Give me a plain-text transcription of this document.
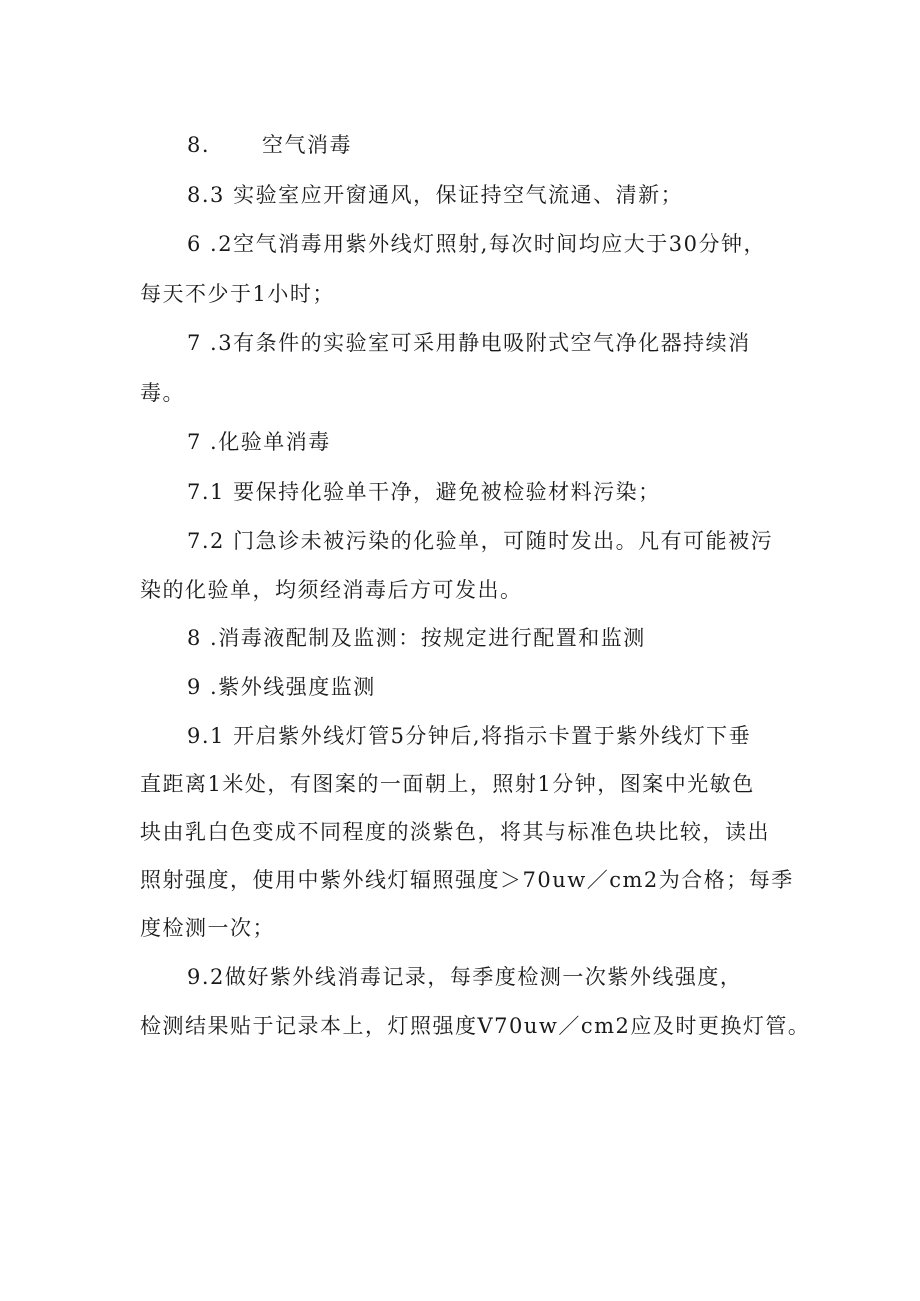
8. 空气消毒
8.3 实验室应开窗通风，保证持空气流通、清新；
6 .2空气消毒用紫外线灯照射,每次时间均应大于30分钟，
每天不少于1小时；
7 .3有条件的实验室可采用静电吸附式空气净化器持续消
毒。
7 .化验单消毒
7.1 要保持化验单干净，避免被检验材料污染；
7.2 门急诊未被污染的化验单，可随时发出。凡有可能被污
染的化验单，均须经消毒后方可发出。
8 .消毒液配制及监测：按规定进行配置和监测
9 .紫外线强度监测
9.1 开启紫外线灯管5分钟后,将指示卡置于紫外线灯下垂
直距离1米处，有图案的一面朝上，照射1分钟，图案中光敏色
块由乳白色变成不同程度的淡紫色，将其与标准色块比较，读出
照射强度，使用中紫外线灯辐照强度＞70uw／cm2为合格；每季
度检测一次；
9.2做好紫外线消毒记录，每季度检测一次紫外线强度，
检测结果贴于记录本上，灯照强度V70uw／cm2应及时更换灯管。
